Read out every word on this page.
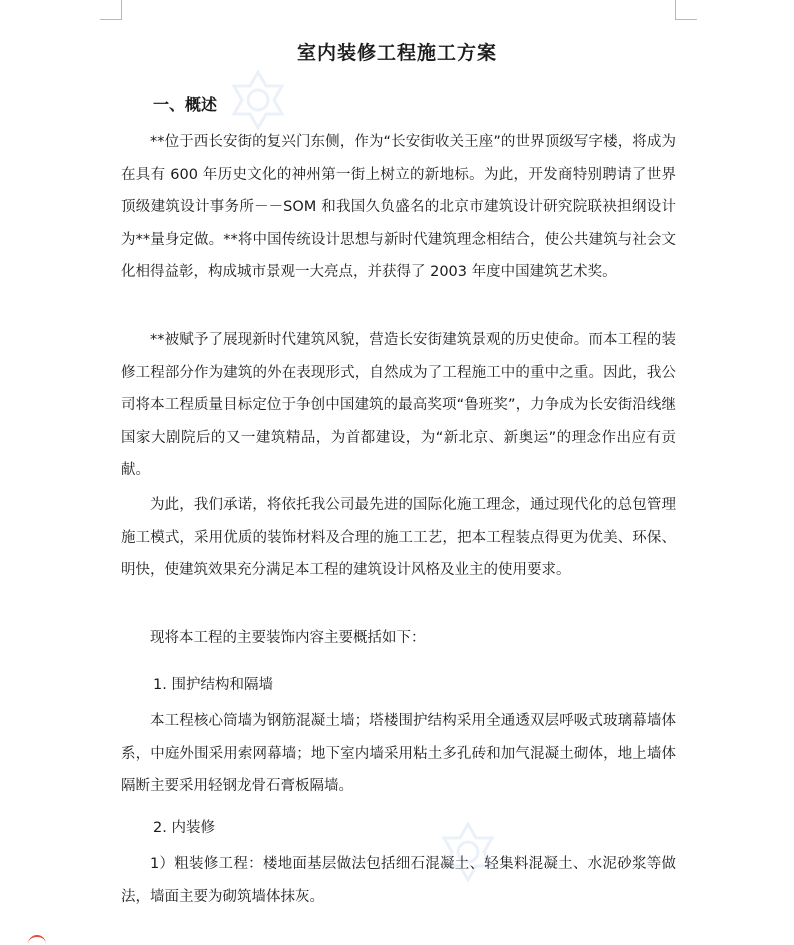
室内装修工程施工方案
一、概述

**位于西长安街的复兴门东侧，作为“长安街收关王座”的世界顶级写字楼，将成为在具有 600 年历史文化的神州第一街上树立的新地标。为此，开发商特别聘请了世界顶级建筑设计事务所－－SOM 和我国久负盛名的北京市建筑设计研究院联袂担纲设计为**量身定做。**将中国传统设计思想与新时代建筑理念相结合，使公共建筑与社会文化相得益彰，构成城市景观一大亮点，并获得了 2003 年度中国建筑艺术奖。

**被赋予了展现新时代建筑风貌，营造长安街建筑景观的历史使命。而本工程的装修工程部分作为建筑的外在表现形式，自然成为了工程施工中的重中之重。因此，我公司将本工程质量目标定位于争创中国建筑的最高奖项“鲁班奖”，力争成为长安街沿线继国家大剧院后的又一建筑精品，为首都建设，为“新北京、新奥运”的理念作出应有贡献。

为此，我们承诺，将依托我公司最先进的国际化施工理念，通过现代化的总包管理施工模式，采用优质的装饰材料及合理的施工工艺，把本工程装点得更为优美、环保、明快，使建筑效果充分满足本工程的建筑设计风格及业主的使用要求。

现将本工程的主要装饰内容主要概括如下：

1. 围护结构和隔墙

本工程核心筒墙为钢筋混凝土墙；塔楼围护结构采用全通透双层呼吸式玻璃幕墙体系，中庭外围采用索网幕墙；地下室内墙采用粘土多孔砖和加气混凝土砌体，地上墙体隔断主要采用轻钢龙骨石膏板隔墙。

2. 内装修

1）粗装修工程：楼地面基层做法包括细石混凝土、轻集料混凝土、水泥砂浆等做法，墙面主要为砌筑墙体抹灰。
